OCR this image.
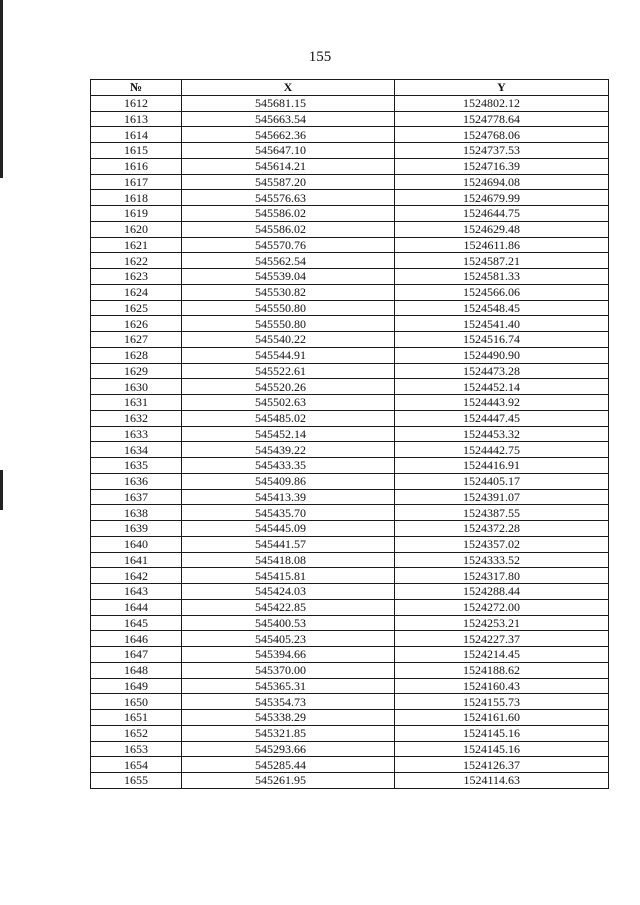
155
№	X	Y
1612	545681.15	1524802.12
1613	545663.54	1524778.64
1614	545662.36	1524768.06
1615	545647.10	1524737.53
1616	545614.21	1524716.39
1617	545587.20	1524694.08
1618	545576.63	1524679.99
1619	545586.02	1524644.75
1620	545586.02	1524629.48
1621	545570.76	1524611.86
1622	545562.54	1524587.21
1623	545539.04	1524581.33
1624	545530.82	1524566.06
1625	545550.80	1524548.45
1626	545550.80	1524541.40
1627	545540.22	1524516.74
1628	545544.91	1524490.90
1629	545522.61	1524473.28
1630	545520.26	1524452.14
1631	545502.63	1524443.92
1632	545485.02	1524447.45
1633	545452.14	1524453.32
1634	545439.22	1524442.75
1635	545433.35	1524416.91
1636	545409.86	1524405.17
1637	545413.39	1524391.07
1638	545435.70	1524387.55
1639	545445.09	1524372.28
1640	545441.57	1524357.02
1641	545418.08	1524333.52
1642	545415.81	1524317.80
1643	545424.03	1524288.44
1644	545422.85	1524272.00
1645	545400.53	1524253.21
1646	545405.23	1524227.37
1647	545394.66	1524214.45
1648	545370.00	1524188.62
1649	545365.31	1524160.43
1650	545354.73	1524155.73
1651	545338.29	1524161.60
1652	545321.85	1524145.16
1653	545293.66	1524145.16
1654	545285.44	1524126.37
1655	545261.95	1524114.63
